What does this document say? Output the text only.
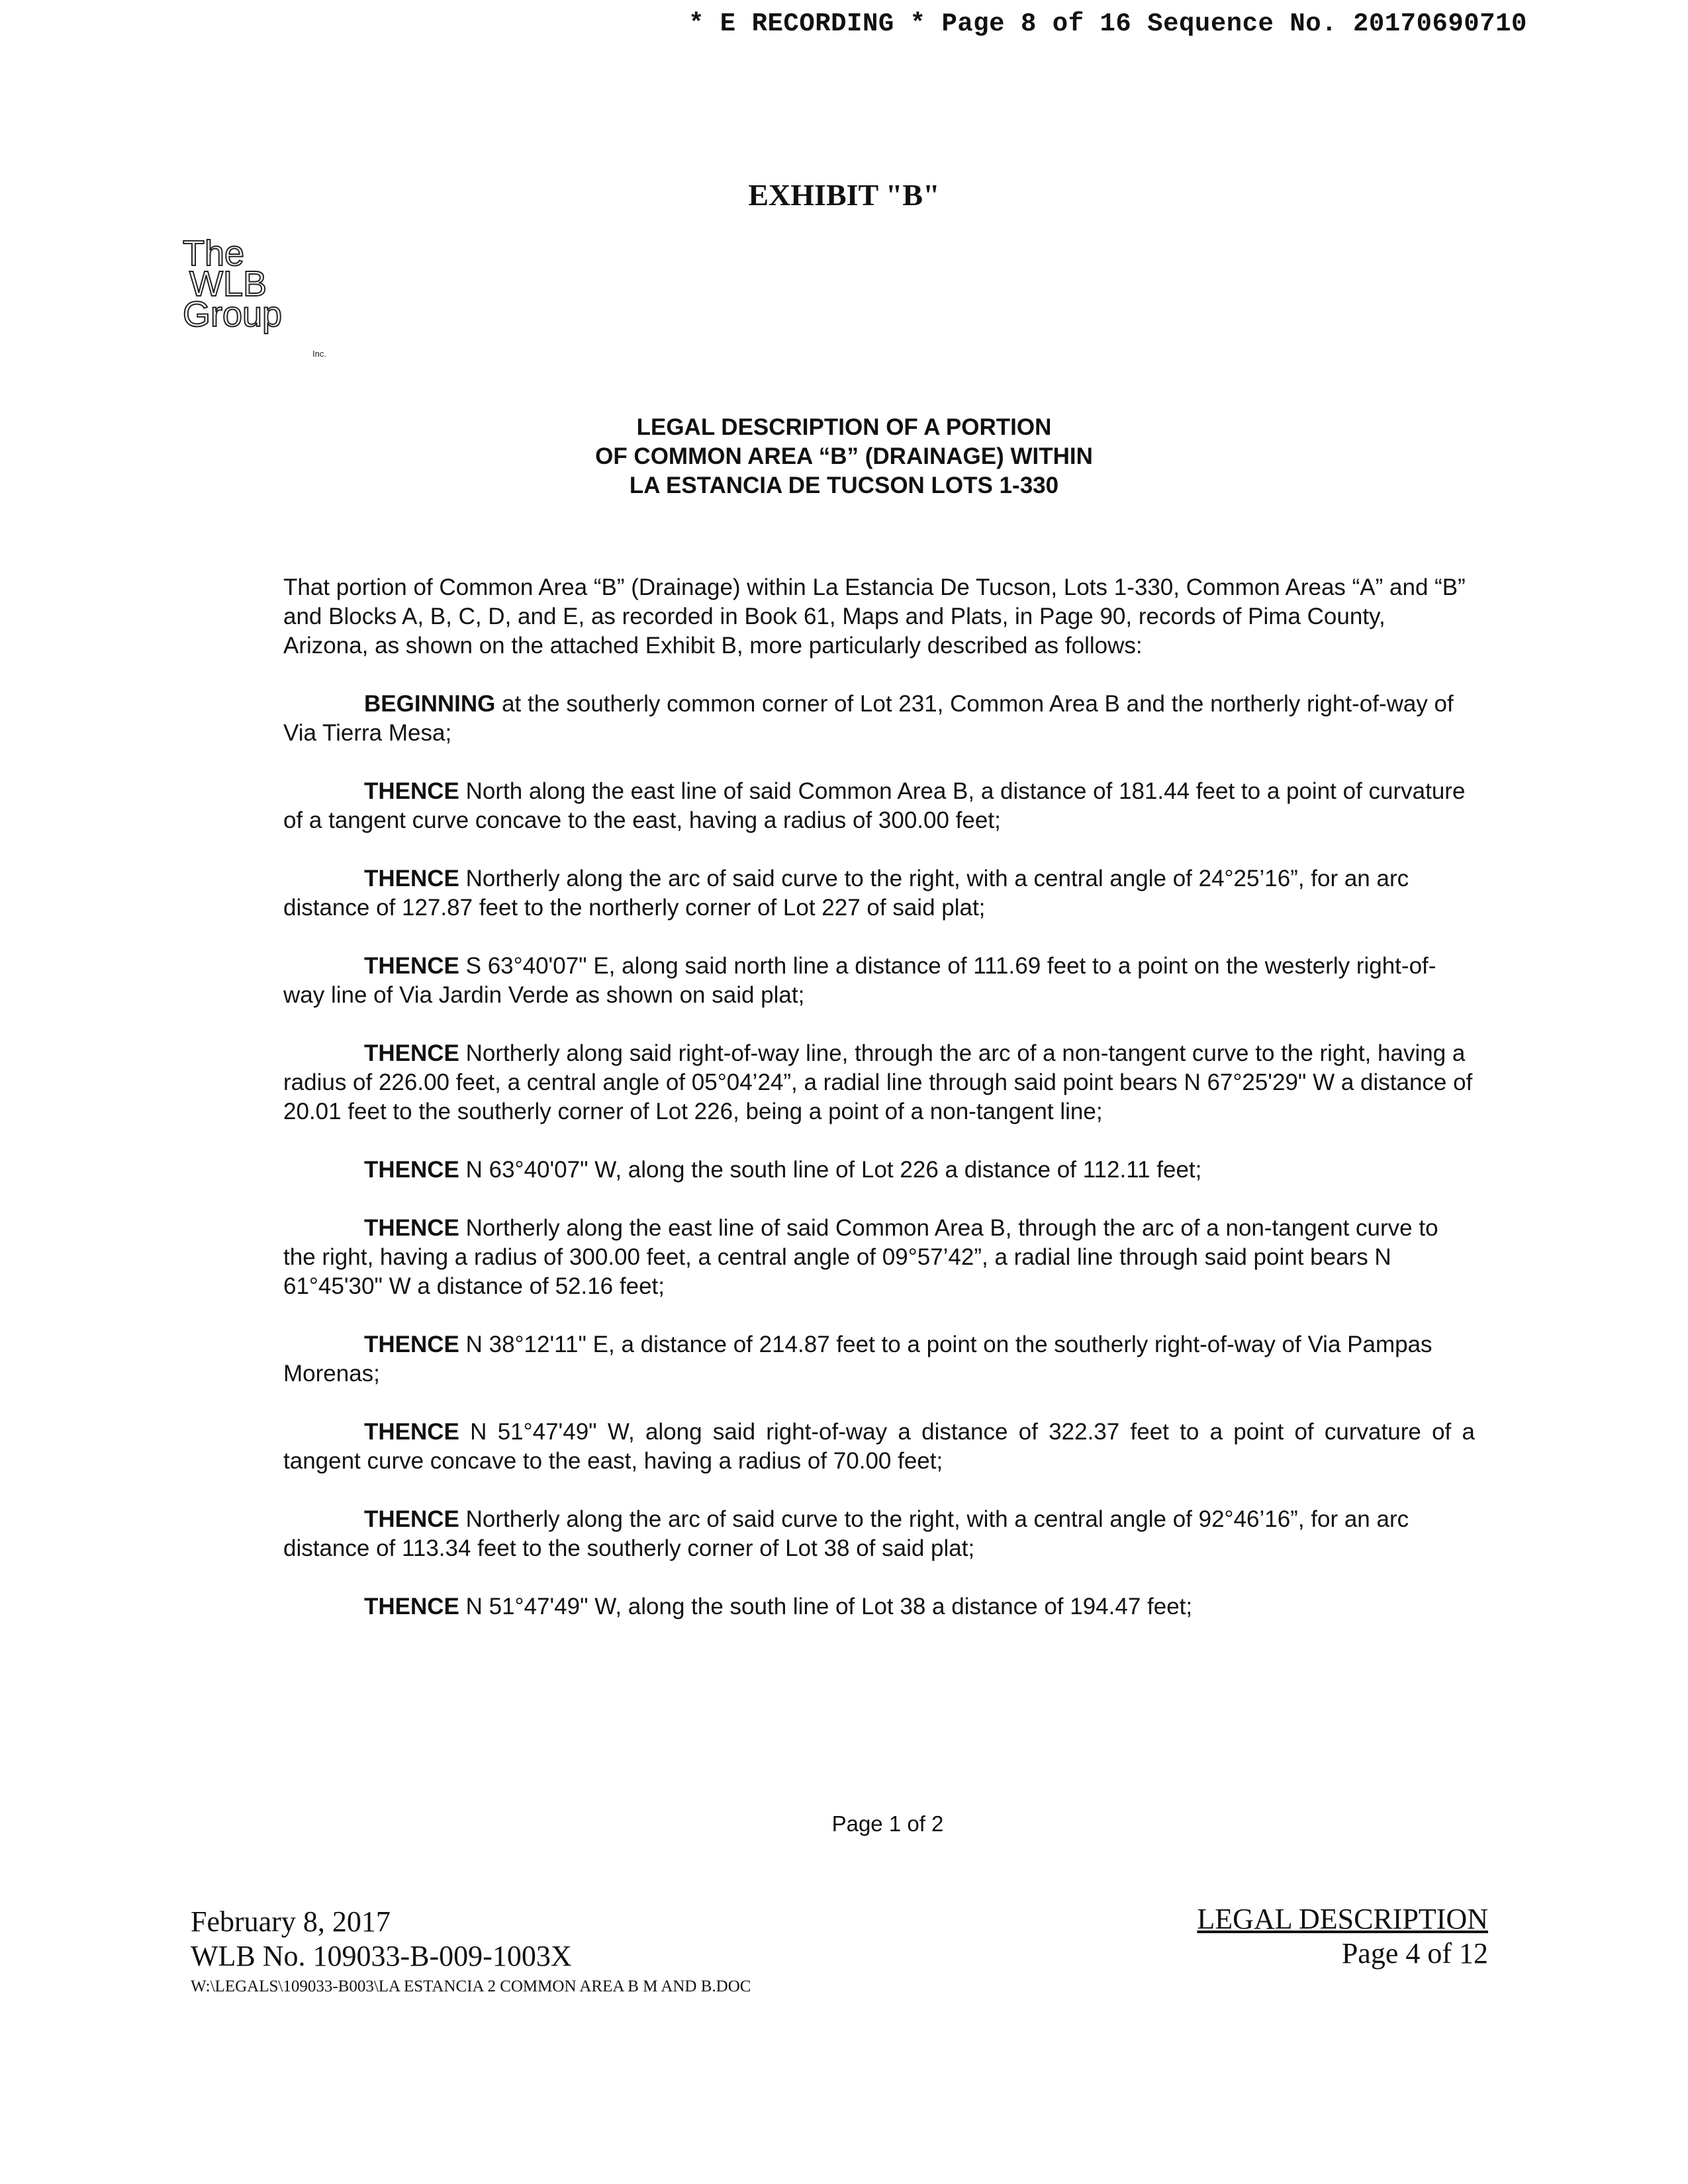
* E RECORDING * Page 8 of 16 Sequence No. 20170690710
EXHIBIT "B"
The
WLB
Group
Inc.
LEGAL DESCRIPTION OF A PORTION
OF COMMON AREA “B” (DRAINAGE) WITHIN
LA ESTANCIA DE TUCSON LOTS 1-330

That portion of Common Area “B” (Drainage) within La Estancia De Tucson, Lots 1-330, Common Areas “A” and “B” and Blocks A, B, C, D, and E, as recorded in Book 61, Maps and Plats, in Page 90, records of Pima County, Arizona, as shown on the attached Exhibit B, more particularly described as follows:

BEGINNING at the southerly common corner of Lot 231, Common Area B and the northerly right-of-way of Via Tierra Mesa;

THENCE North along the east line of said Common Area B, a distance of 181.44 feet to a point of curvature of a tangent curve concave to the east, having a radius of 300.00 feet;

THENCE Northerly along the arc of said curve to the right, with a central angle of 24°25’16”, for an arc distance of 127.87 feet to the northerly corner of Lot 227 of said plat;

THENCE S 63°40'07" E, along said north line a distance of 111.69 feet to a point on the westerly right-of-way line of Via Jardin Verde as shown on said plat;

THENCE Northerly along said right-of-way line, through the arc of a non-tangent curve to the right, having a radius of 226.00 feet, a central angle of 05°04’24”, a radial line through said point bears N 67°25'29" W a distance of 20.01 feet to the southerly corner of Lot 226, being a point of a non-tangent line;

THENCE N 63°40'07" W, along the south line of Lot 226 a distance of 112.11 feet;

THENCE Northerly along the east line of said Common Area B, through the arc of a non-tangent curve to the right, having a radius of 300.00 feet, a central angle of 09°57’42”, a radial line through said point bears N 61°45'30" W a distance of 52.16 feet;

THENCE N 38°12'11" E, a distance of 214.87 feet to a point on the southerly right-of-way of Via Pampas Morenas;

THENCE N 51°47'49" W, along said right-of-way a distance of 322.37 feet to a point of curvature of a tangent curve concave to the east, having a radius of 70.00 feet;

THENCE Northerly along the arc of said curve to the right, with a central angle of 92°46’16”, for an arc distance of 113.34 feet to the southerly corner of Lot 38 of said plat;

THENCE N 51°47'49" W, along the south line of Lot 38 a distance of 194.47 feet;

Page 1 of 2
February 8, 2017
WLB No. 109033-B-009-1003X
W:\LEGALS\109033-B003\LA ESTANCIA 2 COMMON AREA B M AND B.DOC
LEGAL DESCRIPTION
Page 4 of 12
